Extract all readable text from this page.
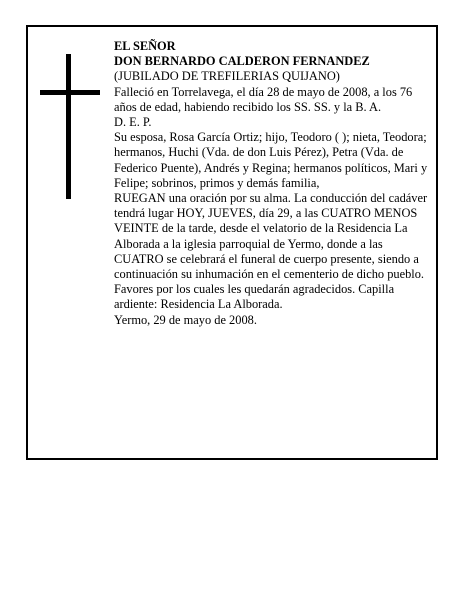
EL SEÑOR
DON BERNARDO CALDERON FERNANDEZ
(JUBILADO DE TREFILERIAS QUIJANO)
Falleció en Torrelavega, el día 28 de mayo de 2008, a los 76 años de edad, habiendo recibido los SS. SS. y la B. A.
D. E. P.
Su esposa, Rosa García Ortiz; hijo, Teodoro ( ); nieta, Teodora; hermanos, Huchi (Vda. de don Luis Pérez), Petra (Vda. de Federico Puente), Andrés y Regina; hermanos políticos, Mari y Felipe; sobrinos, primos y demás familia,
RUEGAN una oración por su alma. La conducción del cadáver tendrá lugar HOY, JUEVES, día 29, a las CUATRO MENOS VEINTE de la tarde, desde el velatorio de la Residencia La Alborada a la iglesia parroquial de Yermo, donde a las CUATRO se celebrará el funeral de cuerpo presente, siendo a continuación su inhumación en el cementerio de dicho pueblo. Favores por los cuales les quedarán agradecidos. Capilla ardiente: Residencia La Alborada.
Yermo, 29 de mayo de 2008.
